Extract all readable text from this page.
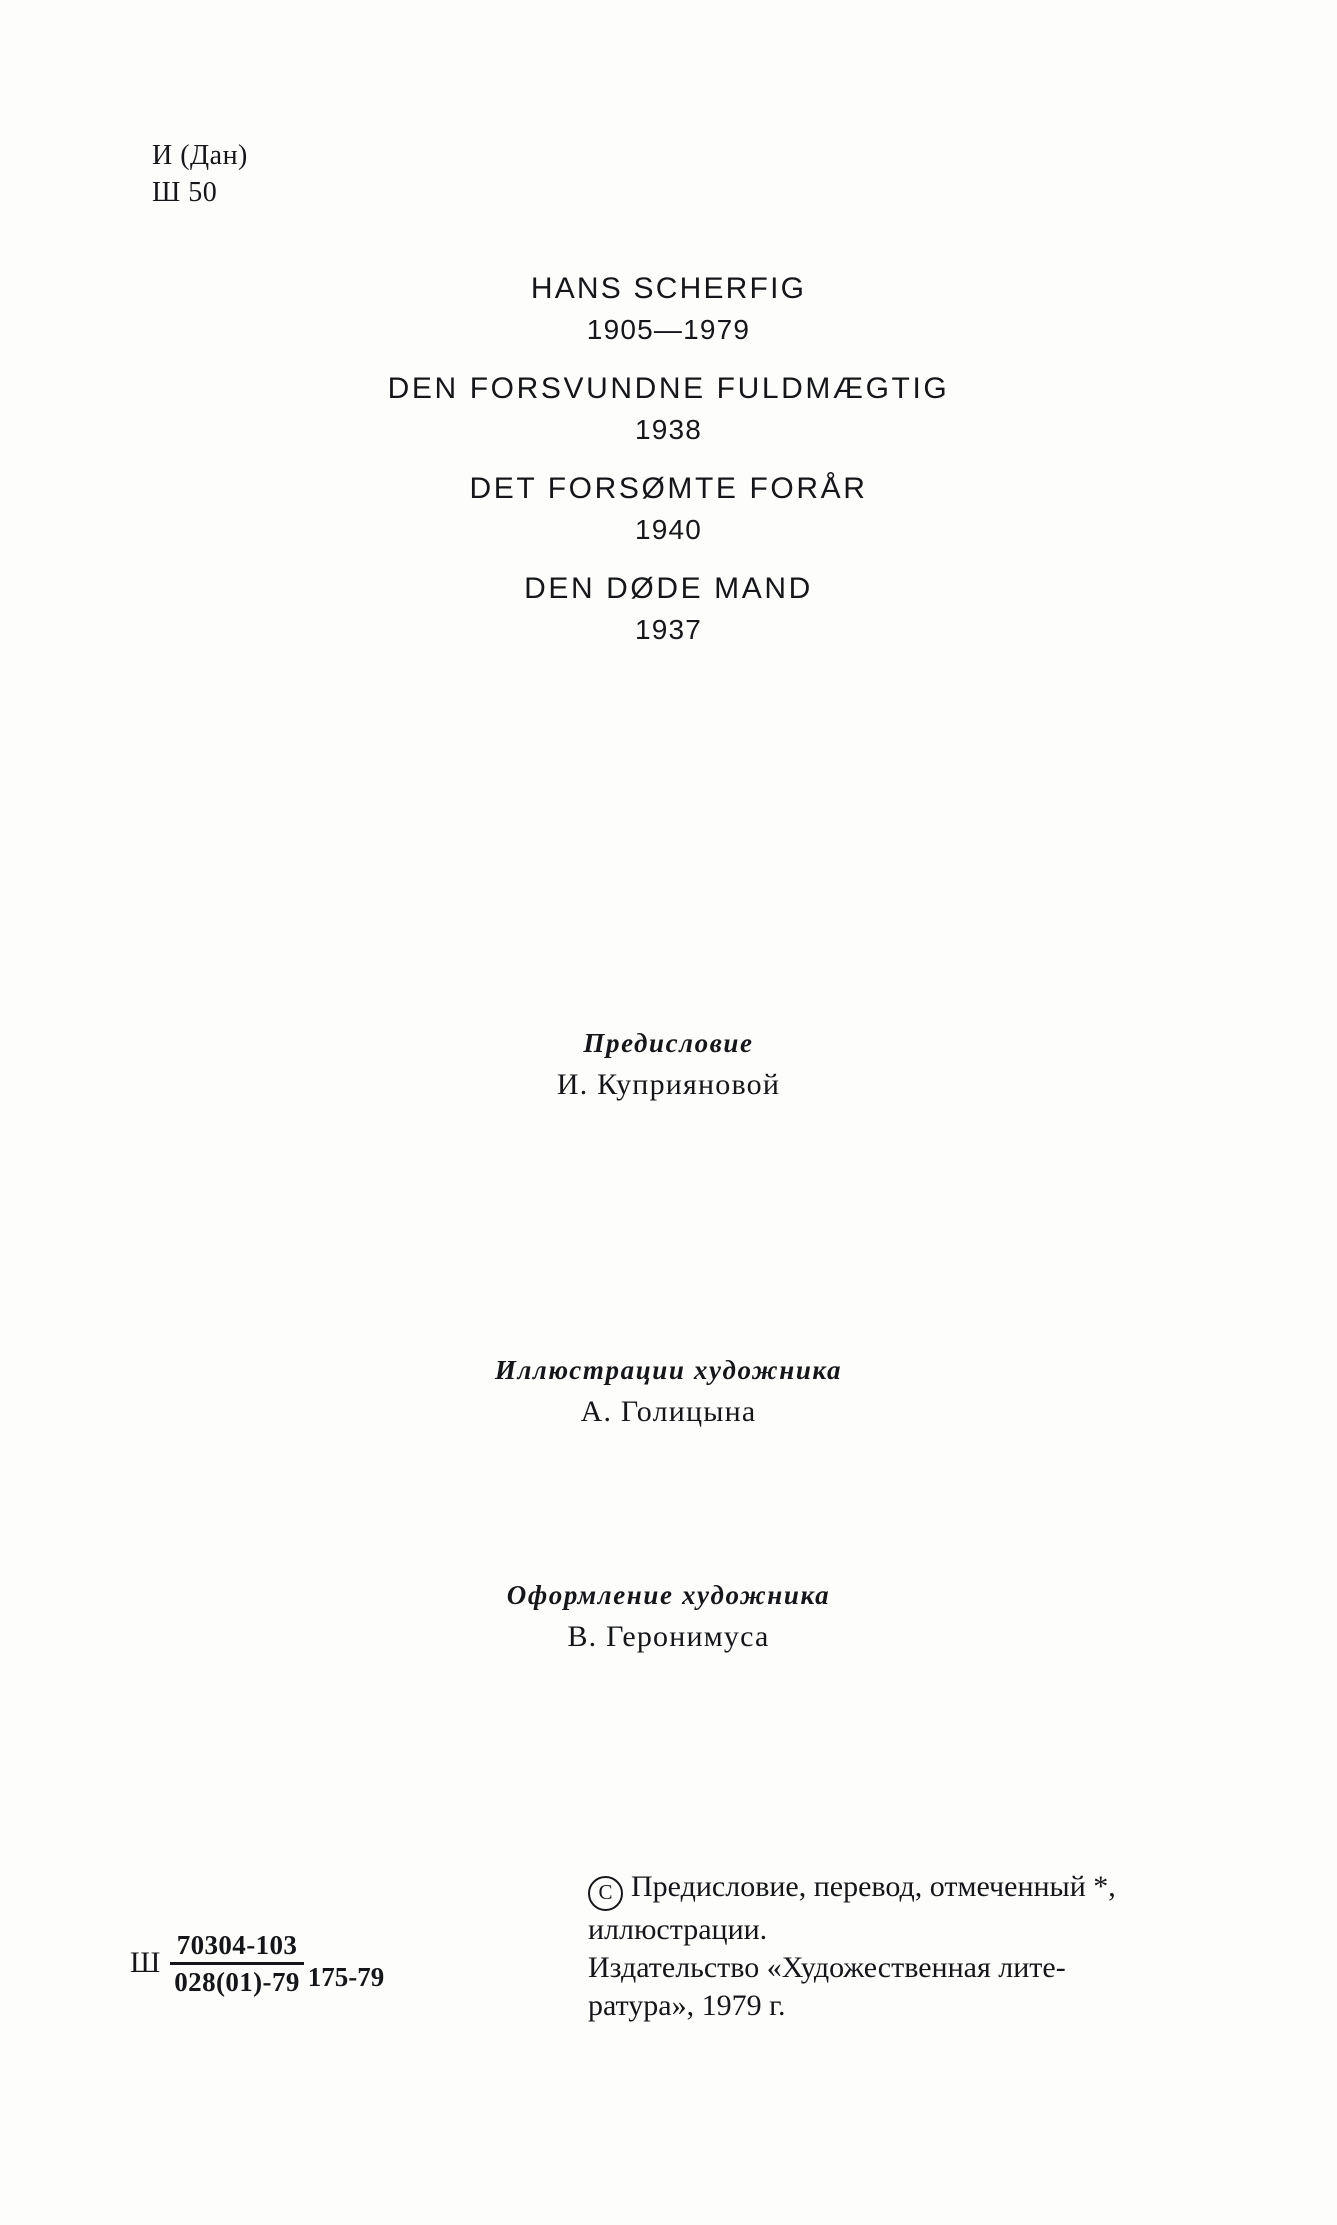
И (Дан)
Ш 50
HANS SCHERFIG
1905—1979
DEN FORSVUNDNE FULDMÆGTIG
1938
DET FORSØMTE FORÅR
1940
DEN DØDE MAND
1937
Предисловие
И. Куприяновой
Иллюстрации художника
А. Голицына
Оформление художника
В. Геронимуса
Ш $\frac{70304-103}{028(01)-79} 175-79$

C Предисловие, перевод, отмеченный *,

иллюстрации.

Издательство «Художественная лите-

ратура», 1979 г.
